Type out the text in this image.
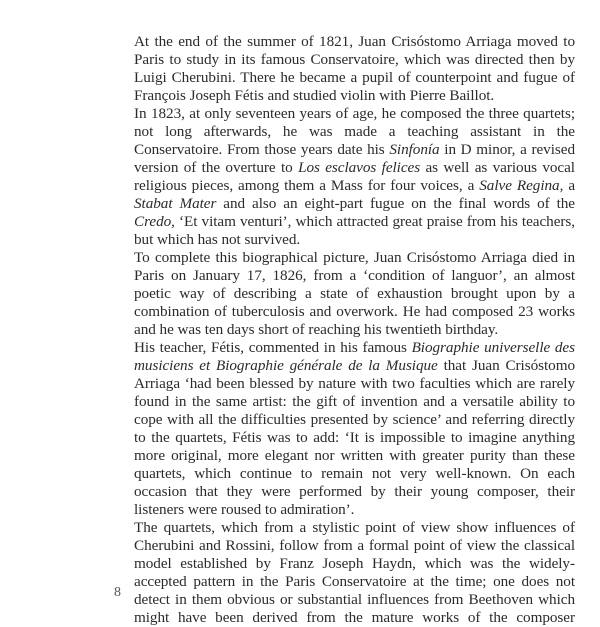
At the end of the summer of 1821, Juan Crisóstomo Arriaga moved to Paris to study in its famous Conservatoire, which was directed then by Luigi Cherubini. There he became a pupil of counterpoint and fugue of François Joseph Fétis and studied violin with Pierre Baillot.

In 1823, at only seventeen years of age, he composed the three quartets; not long afterwards, he was made a teaching assistant in the Conservatoire. From those years date his Sinfonía in D minor, a revised version of the overture to Los esclavos felices as well as various vocal religious pieces, among them a Mass for four voices, a Salve Regina, a Stabat Mater and also an eight-part fugue on the final words of the Credo, ‘Et vitam venturi’, which attracted great praise from his teachers, but which has not survived.

To complete this biographical picture, Juan Crisóstomo Arriaga died in Paris on January 17, 1826, from a ‘condition of languor’, an almost poetic way of describing a state of exhaustion brought upon by a combination of tuberculosis and overwork. He had composed 23 works and he was ten days short of reaching his twentieth birthday.

His teacher, Fétis, commented in his famous Biographie universelle des musiciens et Biographie générale de la Musique that Juan Crisóstomo Arriaga ‘had been blessed by nature with two faculties which are rarely found in the same artist: the gift of invention and a versatile ability to cope with all the difficulties presented by science’ and referring directly to the quartets, Fétis was to add: ‘It is impossible to imagine anything more original, more elegant nor written with greater purity than these quartets, which continue to remain not very well-known. On each occasion that they were performed by their young composer, their listeners were roused to admiration’.

The quartets, which from a stylistic point of view show influences of Cherubini and Rossini, follow from a formal point of view the classical model established by Franz Joseph Haydn, which was the widely-accepted pattern in the Paris Conservatoire at the time; one does not detect in them obvious or substantial influences from Beethoven which might have been derived from the mature works of the composer

8
